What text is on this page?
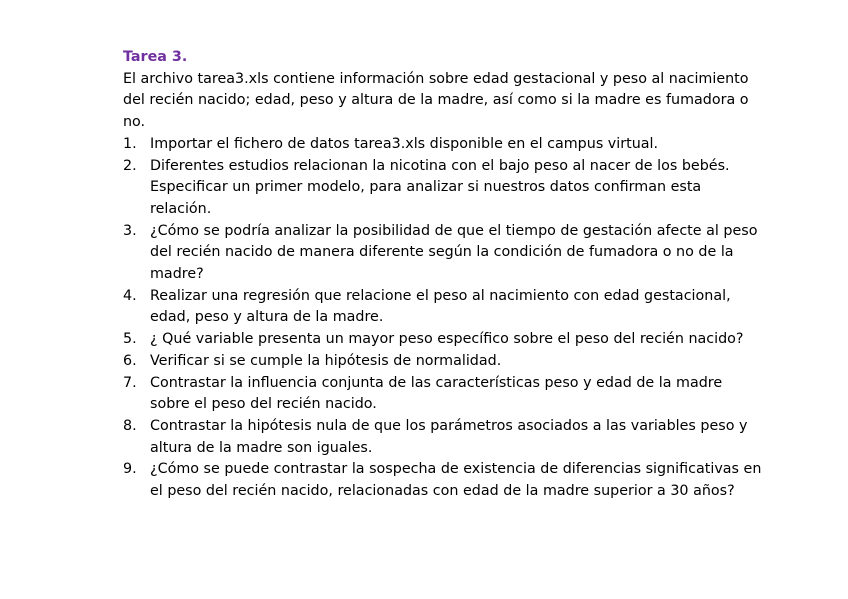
Tarea 3.

El archivo tarea3.xls contiene información sobre edad gestacional y peso al nacimiento del recién nacido; edad, peso y altura de la madre, así como si la madre es fumadora o no.

1. Importar el fichero de datos tarea3.xls disponible en el campus virtual.
2. Diferentes estudios relacionan la nicotina con el bajo peso al nacer de los bebés. Especificar un primer modelo, para analizar si nuestros datos confirman esta relación.
3. ¿Cómo se podría analizar la posibilidad de que el tiempo de gestación afecte al peso del recién nacido de manera diferente según la condición de fumadora o no de la madre?
4. Realizar una regresión que relacione el peso al nacimiento con edad gestacional, edad, peso y altura de la madre.
5. ¿ Qué variable presenta un mayor peso específico sobre el peso del recién nacido?
6. Verificar si se cumple la hipótesis de normalidad.
7. Contrastar la influencia conjunta de las características peso y edad de la madre sobre el peso del recién nacido.
8. Contrastar la hipótesis nula de que los parámetros asociados a las variables peso y altura de la madre son iguales.
9. ¿Cómo se puede contrastar la sospecha de existencia de diferencias significativas en el peso del recién nacido, relacionadas con edad de la madre superior a 30 años?
